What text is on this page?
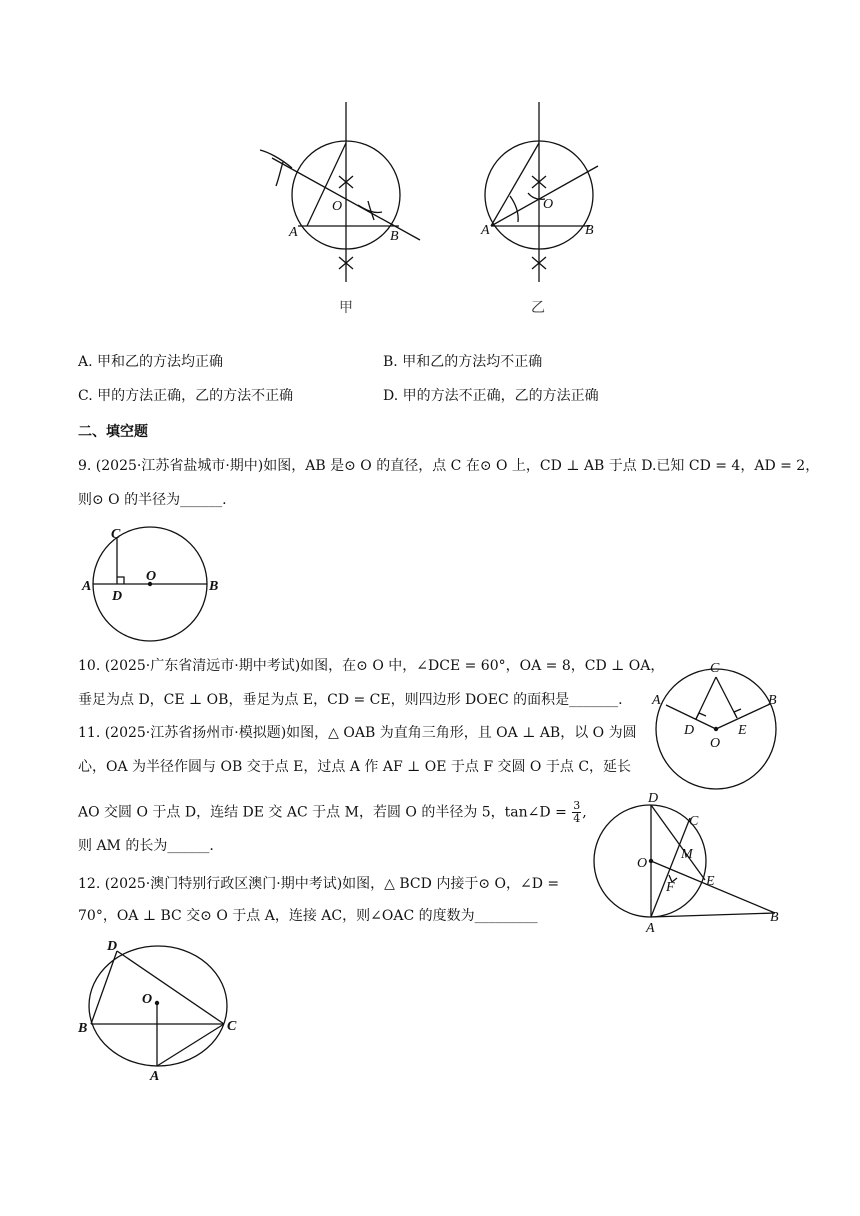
O
A	B
甲
O
A	B
乙
A. 甲和乙的方法均正确	B. 甲和乙的方法均不正确
C. 甲的方法正确，乙的方法不正确	D. 甲的方法不正确，乙的方法正确
二、填空题
9. (2025·江苏省盐城市·期中)如图，AB 是⊙ O 的直径，点 C 在⊙ O 上，CD ⊥ AB 于点 D.已知 CD = 4，AD = 2，
则⊙ O 的半径为______.
C
A
D
O
B
10. (2025·广东省清远市·期中考试)如图，在⊙ O 中，∠DCE = 60°，OA = 8，CD ⊥ OA，
垂足为点 D，CE ⊥ OB，垂足为点 E，CD = CE，则四边形 DOEC 的面积是_______.
C
A	B
D	E
O
11. (2025·江苏省扬州市·模拟题)如图，△ OAB 为直角三角形，且 OA ⊥ AB，以 O 为圆
心，OA 为半径作圆与 OB 交于点 E，过点 A 作 AF ⊥ OE 于点 F 交圆 O 于点 C，延长
AO 交圆 O 于点 D，连结 DE 交 AC 于点 M，若圆 O 的半径为 5，tan∠D = $\frac{3}{4}$ ,
则 AM 的长为______.
D
C
O
M
F E
A
B
12. (2025·澳门特别行政区澳门·期中考试)如图，△ BCD 内接于⊙ O，∠D =
70°，OA ⊥ BC 交⊙ O 于点 A，连接 AC，则∠OAC 的度数为_________
D
O
B	C
A
